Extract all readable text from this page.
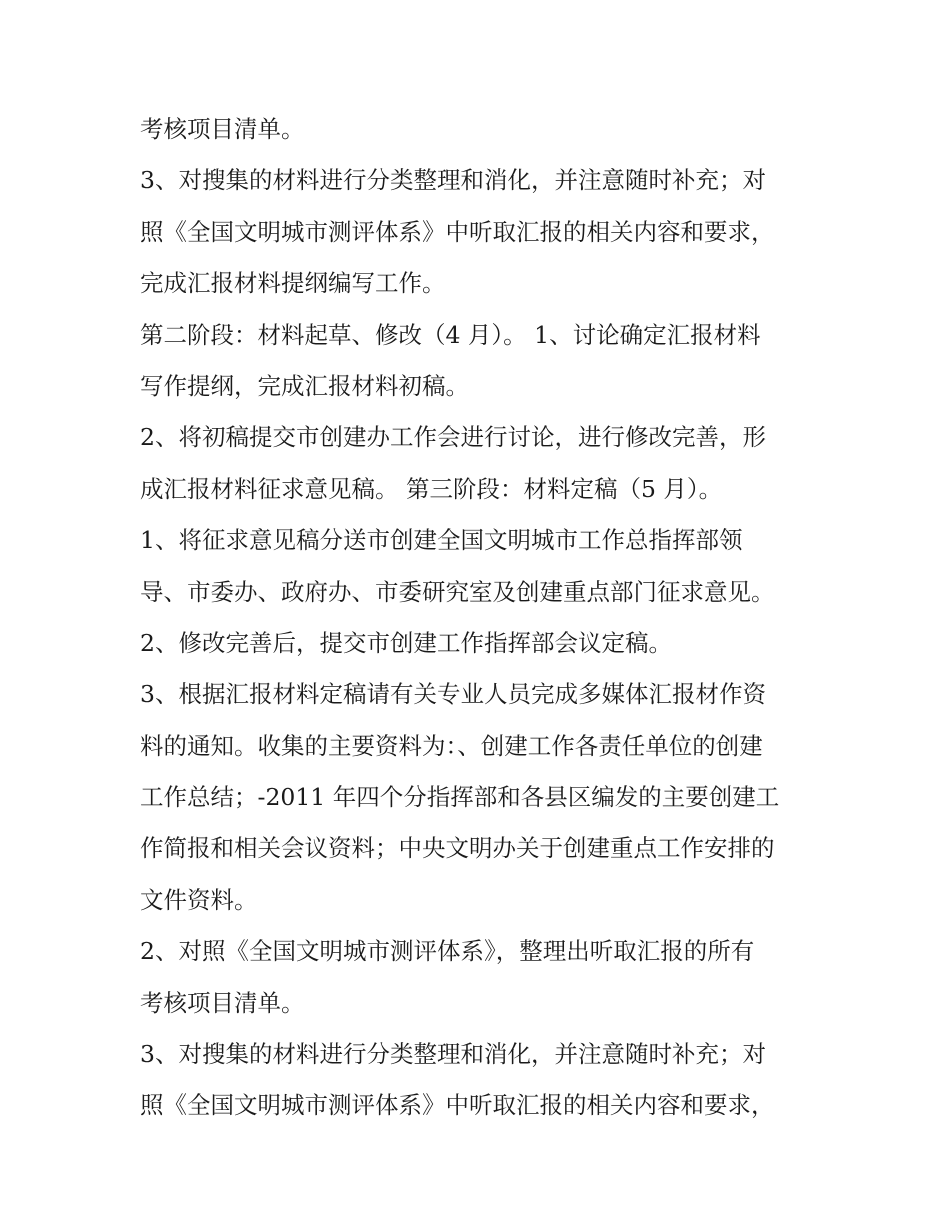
考核项目清单。
3、对搜集的材料进行分类整理和消化，并注意随时补充；对
照《全国文明城市测评体系》中听取汇报的相关内容和要求，
完成汇报材料提纲编写工作。
第二阶段：材料起草、修改（4 月）。 1、讨论确定汇报材料
写作提纲，完成汇报材料初稿。
2、将初稿提交市创建办工作会进行讨论，进行修改完善，形
成汇报材料征求意见稿。 第三阶段：材料定稿（5 月）。
1、将征求意见稿分送市创建全国文明城市工作总指挥部领
导、市委办、政府办、市委研究室及创建重点部门征求意见。
2、修改完善后，提交市创建工作指挥部会议定稿。
3、根据汇报材料定稿请有关专业人员完成多媒体汇报材作资
料的通知。收集的主要资料为：、创建工作各责任单位的创建
工作总结；-2011 年四个分指挥部和各县区编发的主要创建工
作简报和相关会议资料；中央文明办关于创建重点工作安排的
文件资料。
2、对照《全国文明城市测评体系》，整理出听取汇报的所有
考核项目清单。
3、对搜集的材料进行分类整理和消化，并注意随时补充；对
照《全国文明城市测评体系》中听取汇报的相关内容和要求，
